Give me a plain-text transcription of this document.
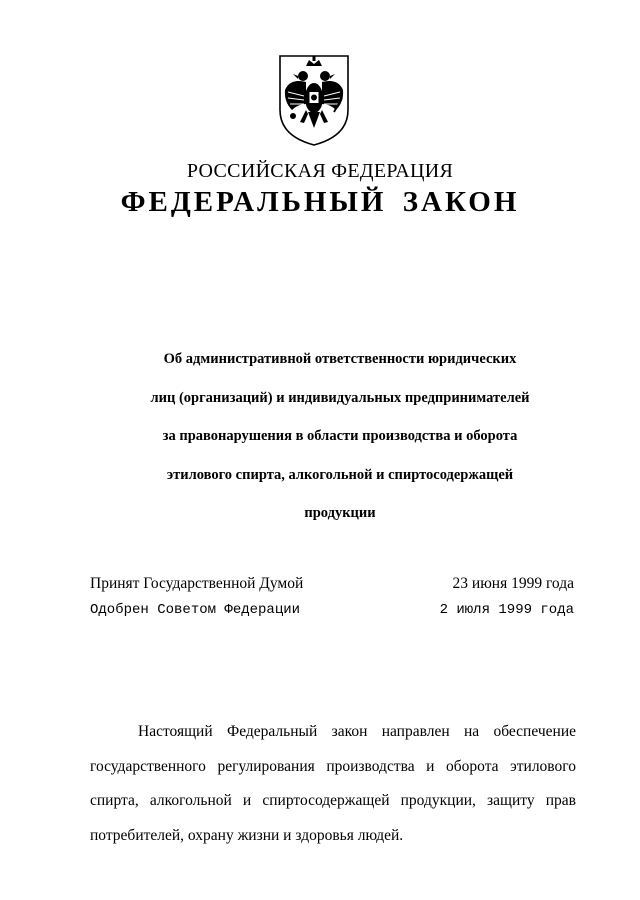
РОССИЙСКАЯ ФЕДЕРАЦИЯ
ФЕДЕРАЛЬНЫЙ ЗАКОН
Об административной ответственности юридических
лиц (организаций) и индивидуальных предпринимателей
за правонарушения в области производства и оборота
этилового спирта, алкогольной и спиртосодержащей
продукции
Принят Государственной Думой	23 июня 1999 года
Одобрен Советом Федерации	2 июля 1999 года
Настоящий Федеральный закон направлен на обеспечение
государственного регулирования производства и оборота этилового
спирта, алкогольной и спиртосодержащей продукции, защиту прав
потребителей, охрану жизни и здоровья людей.
